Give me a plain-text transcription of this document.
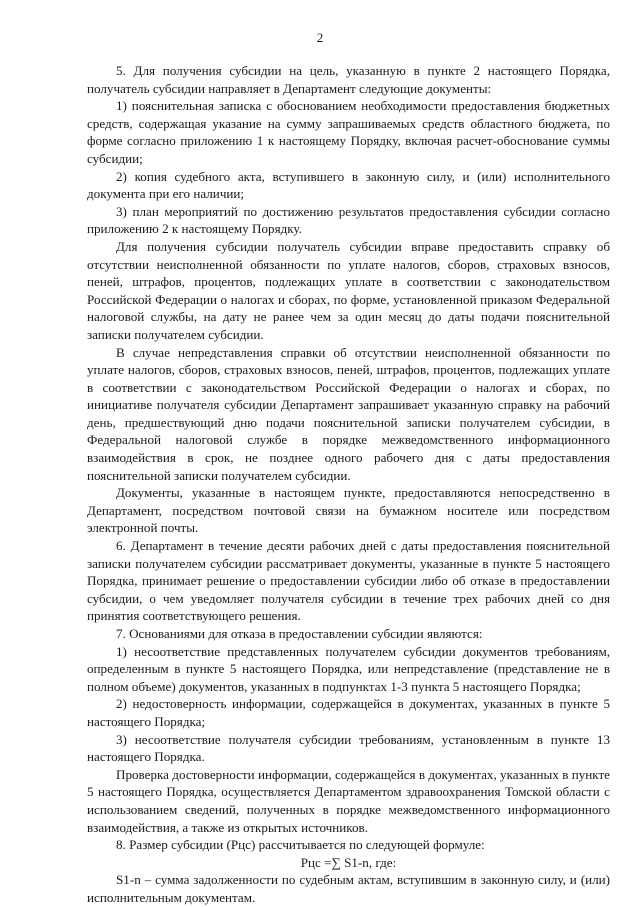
2

5. Для получения субсидии на цель, указанную в пункте 2 настоящего Порядка, получатель субсидии направляет в Департамент следующие документы:

1) пояснительная записка с обоснованием необходимости предоставления бюджетных средств, содержащая указание на сумму запрашиваемых средств областного бюджета, по форме согласно приложению 1 к настоящему Порядку, включая расчет-обоснование суммы субсидии;

2) копия судебного акта, вступившего в законную силу, и (или) исполнительного документа при его наличии;

3) план мероприятий по достижению результатов предоставления субсидии согласно приложению 2 к настоящему Порядку.

Для получения субсидии получатель субсидии вправе предоставить справку об отсутствии неисполненной обязанности по уплате налогов, сборов, страховых взносов, пеней, штрафов, процентов, подлежащих уплате в соответствии с законодательством Российской Федерации о налогах и сборах, по форме, установленной приказом Федеральной налоговой службы, на дату не ранее чем за один месяц до даты подачи пояснительной записки получателем субсидии.

В случае непредставления справки об отсутствии неисполненной обязанности по уплате налогов, сборов, страховых взносов, пеней, штрафов, процентов, подлежащих уплате в соответствии с законодательством Российской Федерации о налогах и сборах, по инициативе получателя субсидии Департамент запрашивает указанную справку на рабочий день, предшествующий дню подачи пояснительной записки получателем субсидии, в Федеральной налоговой службе в порядке межведомственного информационного взаимодействия в срок, не позднее одного рабочего дня с даты предоставления пояснительной записки получателем субсидии.

Документы, указанные в настоящем пункте, предоставляются непосредственно в Департамент, посредством почтовой связи на бумажном носителе или посредством электронной почты.

6. Департамент в течение десяти рабочих дней с даты предоставления пояснительной записки получателем субсидии рассматривает документы, указанные в пункте 5 настоящего Порядка, принимает решение о предоставлении субсидии либо об отказе в предоставлении субсидии, о чем уведомляет получателя субсидии в течение трех рабочих дней со дня принятия соответствующего решения.

7. Основаниями для отказа в предоставлении субсидии являются:

1) несоответствие представленных получателем субсидии документов требованиям, определенным в пункте 5 настоящего Порядка, или непредставление (представление не в полном объеме) документов, указанных в подпунктах 1-3 пункта 5 настоящего Порядка;

2) недостоверность информации, содержащейся в документах, указанных в пункте 5 настоящего Порядка;

3) несоответствие получателя субсидии требованиям, установленным в пункте 13 настоящего Порядка.

Проверка достоверности информации, содержащейся в документах, указанных в пункте 5 настоящего Порядка, осуществляется Департаментом здравоохранения Томской области с использованием сведений, полученных в порядке межведомственного информационного взаимодействия, а также из открытых источников.

8. Размер субсидии (Рцс) рассчитывается по следующей формуле:

Рцс =∑ S1-n, где:

S1-n – сумма задолженности по судебным актам, вступившим в законную силу, и (или) исполнительным документам.
